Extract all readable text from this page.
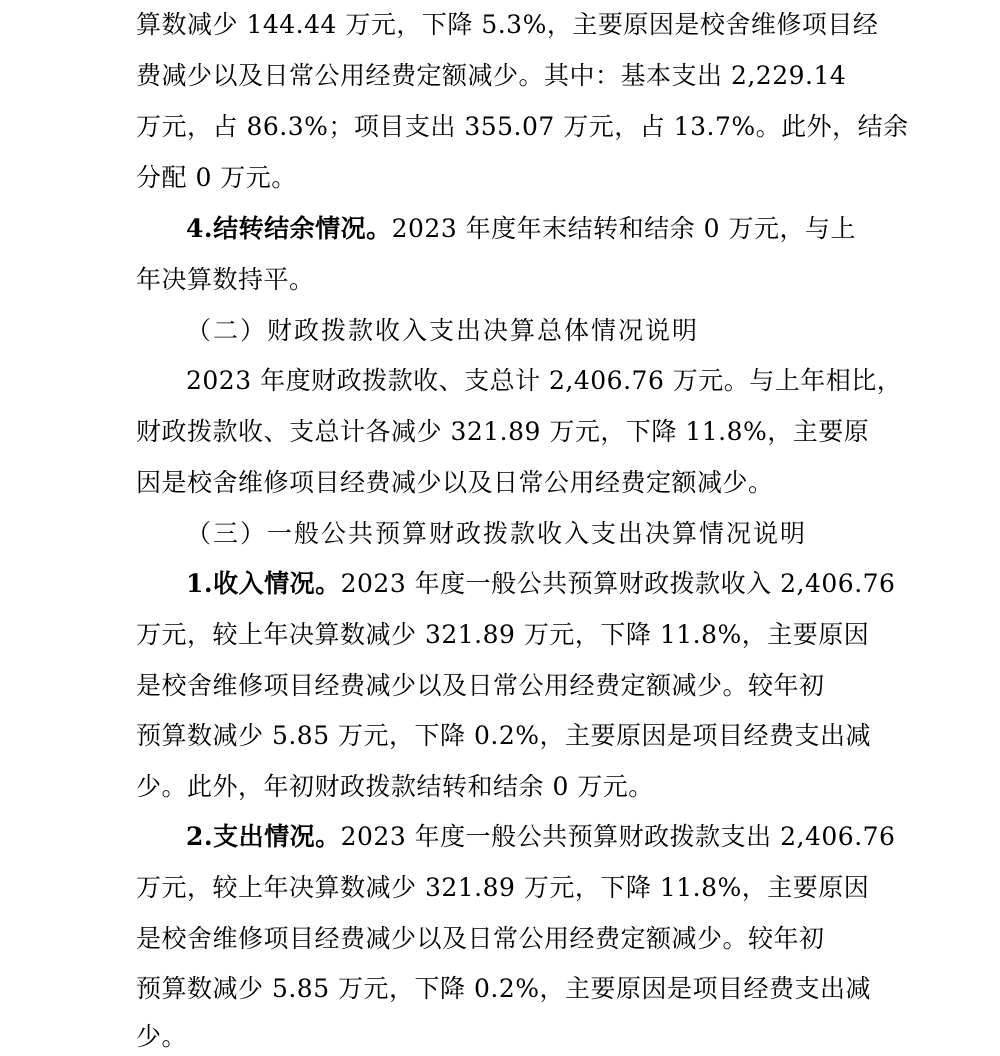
算数减少 144.44 万元，下降 5.3%，主要原因是校舍维修项目经
费减少以及日常公用经费定额减少。其中：基本支出 2,229.14
万元，占 86.3%；项目支出 355.07 万元，占 13.7%。此外，结余
分配 0 万元。
4.结转结余情况。2023 年度年末结转和结余 0 万元，与上
年决算数持平。
（二）财政拨款收入支出决算总体情况说明
2023 年度财政拨款收、支总计 2,406.76 万元。与上年相比，
财政拨款收、支总计各减少 321.89 万元，下降 11.8%，主要原
因是校舍维修项目经费减少以及日常公用经费定额减少。
（三）一般公共预算财政拨款收入支出决算情况说明
1.收入情况。2023 年度一般公共预算财政拨款收入 2,406.76
万元，较上年决算数减少 321.89 万元，下降 11.8%，主要原因
是校舍维修项目经费减少以及日常公用经费定额减少。较年初
预算数减少 5.85 万元，下降 0.2%，主要原因是项目经费支出减
少。此外，年初财政拨款结转和结余 0 万元。
2.支出情况。2023 年度一般公共预算财政拨款支出 2,406.76
万元，较上年决算数减少 321.89 万元，下降 11.8%，主要原因
是校舍维修项目经费减少以及日常公用经费定额减少。较年初
预算数减少 5.85 万元，下降 0.2%，主要原因是项目经费支出减
少。
